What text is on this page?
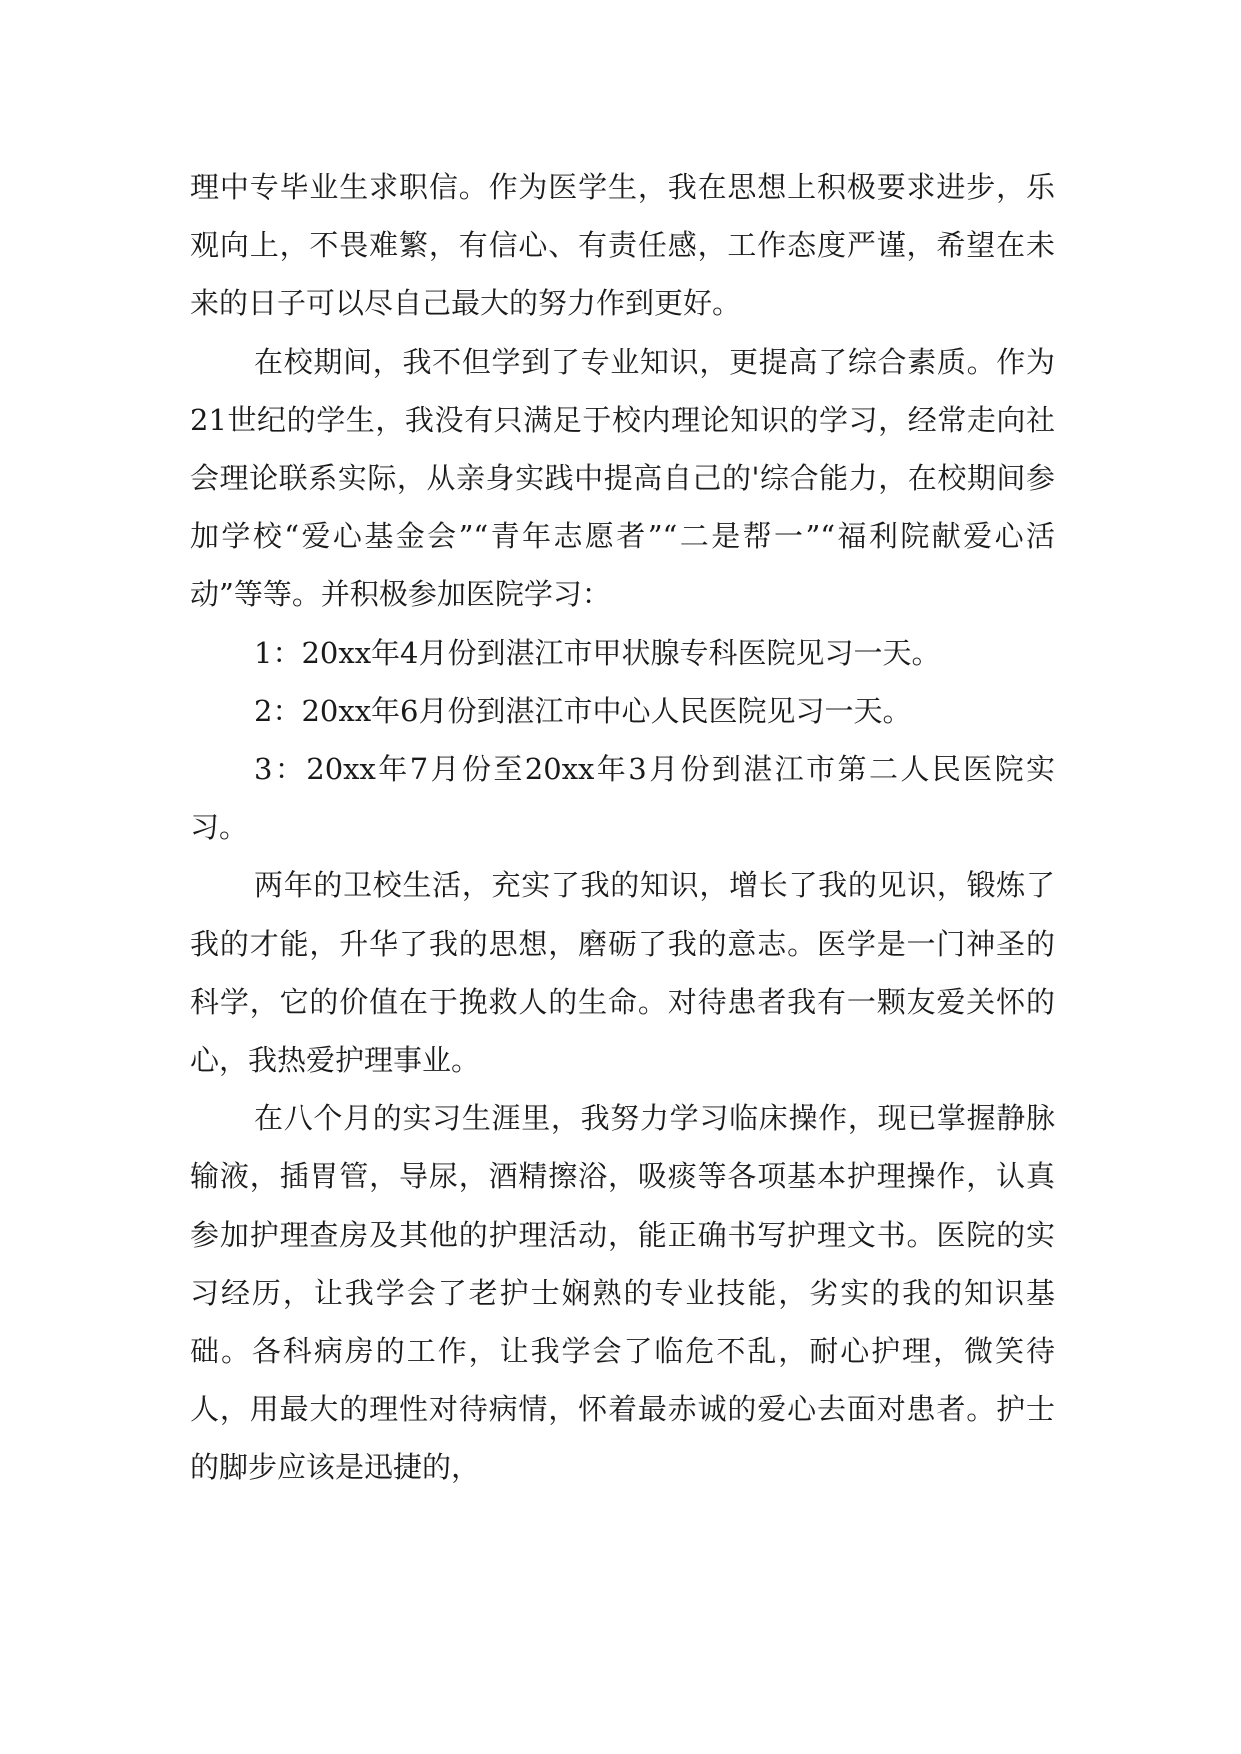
理中专毕业生求职信。作为医学生，我在思想上积极要求进步，乐观向上，不畏难繁，有信心、有责任感，工作态度严谨，希望在未来的日子可以尽自己最大的努力作到更好。

在校期间，我不但学到了专业知识，更提高了综合素质。作为21世纪的学生，我没有只满足于校内理论知识的学习，经常走向社会理论联系实际，从亲身实践中提高自己的'综合能力，在校期间参加学校“爱心基金会”“青年志愿者”“二是帮一”“福利院献爱心活动”等等。并积极参加医院学习：

1：20xx年4月份到湛江市甲状腺专科医院见习一天。

2：20xx年6月份到湛江市中心人民医院见习一天。

3：20xx年7月份至20xx年3月份到湛江市第二人民医院实习。

两年的卫校生活，充实了我的知识，增长了我的见识，锻炼了我的才能，升华了我的思想，磨砺了我的意志。医学是一门神圣的科学，它的价值在于挽救人的生命。对待患者我有一颗友爱关怀的心，我热爱护理事业。

在八个月的实习生涯里，我努力学习临床操作，现已掌握静脉输液，插胃管，导尿，酒精擦浴，吸痰等各项基本护理操作，认真参加护理查房及其他的护理活动，能正确书写护理文书。医院的实习经历，让我学会了老护士娴熟的专业技能，劣实的我的知识基础。各科病房的工作，让我学会了临危不乱，耐心护理，微笑待人，用最大的理性对待病情，怀着最赤诚的爱心去面对患者。护士的脚步应该是迅捷的，
